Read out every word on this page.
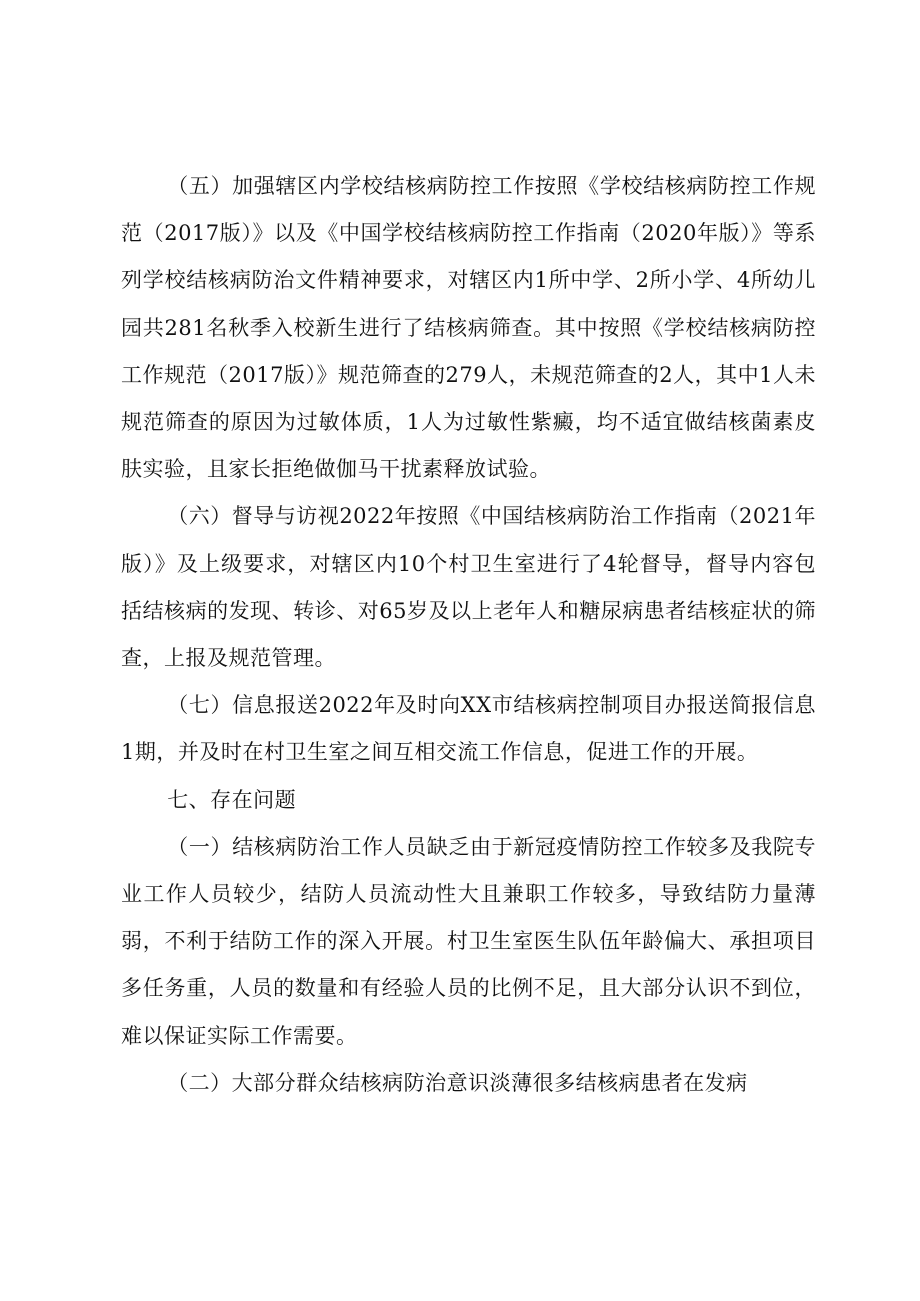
（五）加强辖区内学校结核病防控工作按照《学校结核病防控工作规范（2017版）》以及《中国学校结核病防控工作指南（2020年版）》等系列学校结核病防治文件精神要求，对辖区内1所中学、2所小学、4所幼儿园共281名秋季入校新生进行了结核病筛查。其中按照《学校结核病防控工作规范（2017版）》规范筛查的279人，未规范筛查的2人，其中1人未规范筛查的原因为过敏体质，1人为过敏性紫癜，均不适宜做结核菌素皮肤实验，且家长拒绝做伽马干扰素释放试验。

（六）督导与访视2022年按照《中国结核病防治工作指南（2021年版）》及上级要求，对辖区内10个村卫生室进行了4轮督导，督导内容包括结核病的发现、转诊、对65岁及以上老年人和糖尿病患者结核症状的筛查，上报及规范管理。

（七）信息报送2022年及时向XX市结核病控制项目办报送简报信息1期，并及时在村卫生室之间互相交流工作信息，促进工作的开展。

七、存在问题

（一）结核病防治工作人员缺乏由于新冠疫情防控工作较多及我院专业工作人员较少，结防人员流动性大且兼职工作较多，导致结防力量薄弱，不利于结防工作的深入开展。村卫生室医生队伍年龄偏大、承担项目多任务重，人员的数量和有经验人员的比例不足，且大部分认识不到位，难以保证实际工作需要。

（二）大部分群众结核病防治意识淡薄很多结核病患者在发病
